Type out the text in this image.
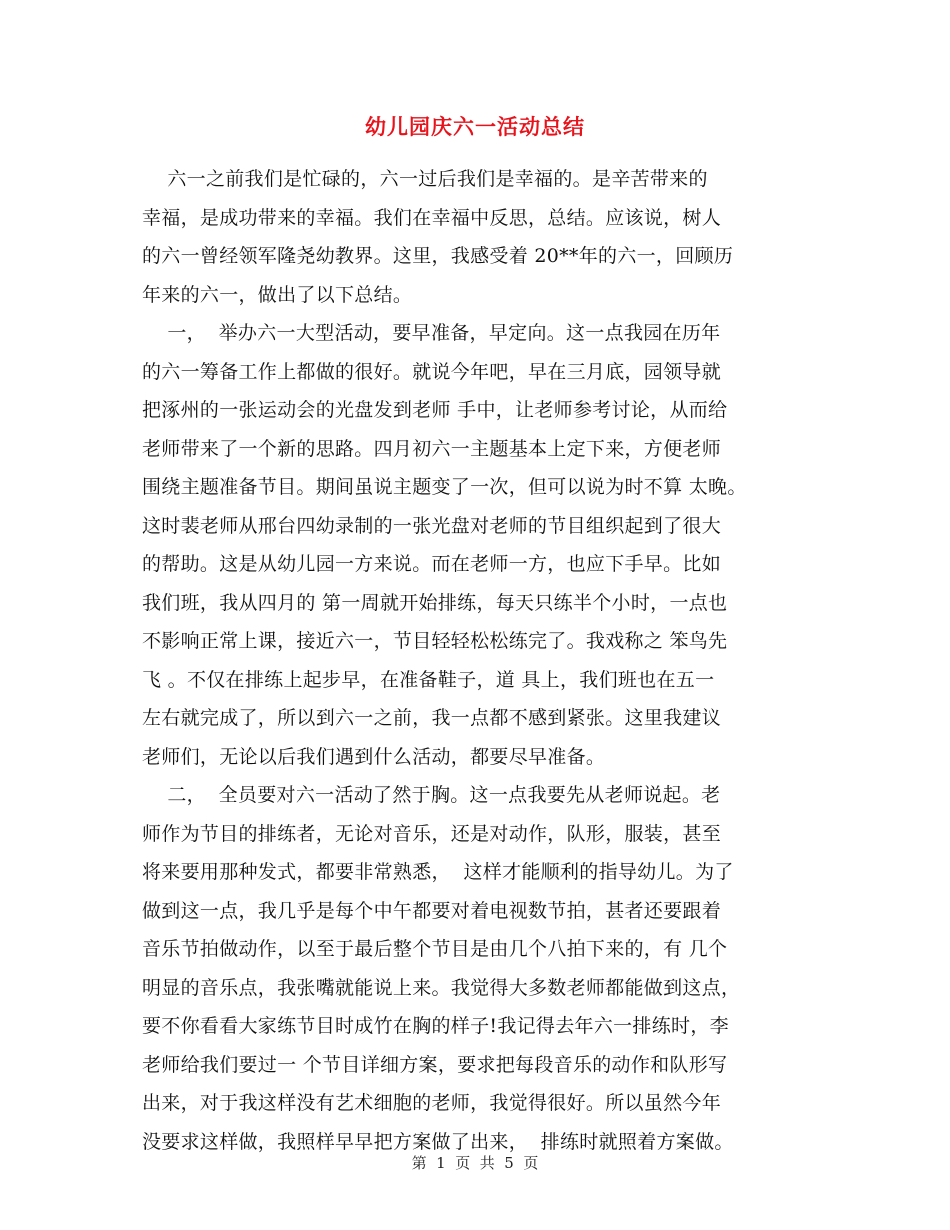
幼儿园庆六一活动总结
六一之前我们是忙碌的，六一过后我们是幸福的。是辛苦带来的
幸福，是成功带来的幸福。我们在幸福中反思，总结。应该说，树人
的六一曾经领军隆尧幼教界。这里，我感受着 20**年的六一，回顾历
年来的六一，做出了以下总结。
一，  举办六一大型活动，要早准备，早定向。这一点我园在历年
的六一筹备工作上都做的很好。就说今年吧，早在三月底，园领导就
把涿州的一张运动会的光盘发到老师 手中，让老师参考讨论，从而给
老师带来了一个新的思路。四月初六一主题基本上定下来，方便老师
围绕主题准备节目。期间虽说主题变了一次，但可以说为时不算 太晚。
这时裴老师从邢台四幼录制的一张光盘对老师的节目组织起到了很大
的帮助。这是从幼儿园一方来说。而在老师一方，也应下手早。比如
我们班，我从四月的 第一周就开始排练，每天只练半个小时，一点也
不影响正常上课，接近六一，节目轻轻松松练完了。我戏称之 笨鸟先
飞 。不仅在排练上起步早，在准备鞋子，道 具上，我们班也在五一
左右就完成了，所以到六一之前，我一点都不感到紧张。这里我建议
老师们，无论以后我们遇到什么活动，都要尽早准备。
二，  全员要对六一活动了然于胸。这一点我要先从老师说起。老
师作为节目的排练者，无论对音乐，还是对动作，队形，服装，甚至
将来要用那种发式，都要非常熟悉，  这样才能顺利的指导幼儿。为了
做到这一点，我几乎是每个中午都要对着电视数节拍，甚者还要跟着
音乐节拍做动作，以至于最后整个节目是由几个八拍下来的，有 几个
明显的音乐点，我张嘴就能说上来。我觉得大多数老师都能做到这点，
要不你看看大家练节目时成竹在胸的样子!我记得去年六一排练时，李
老师给我们要过一 个节目详细方案，要求把每段音乐的动作和队形写
出来，对于我这样没有艺术细胞的老师，我觉得很好。所以虽然今年
没要求这样做，我照样早早把方案做了出来，  排练时就照着方案做。
第  1  页  共  5  页
